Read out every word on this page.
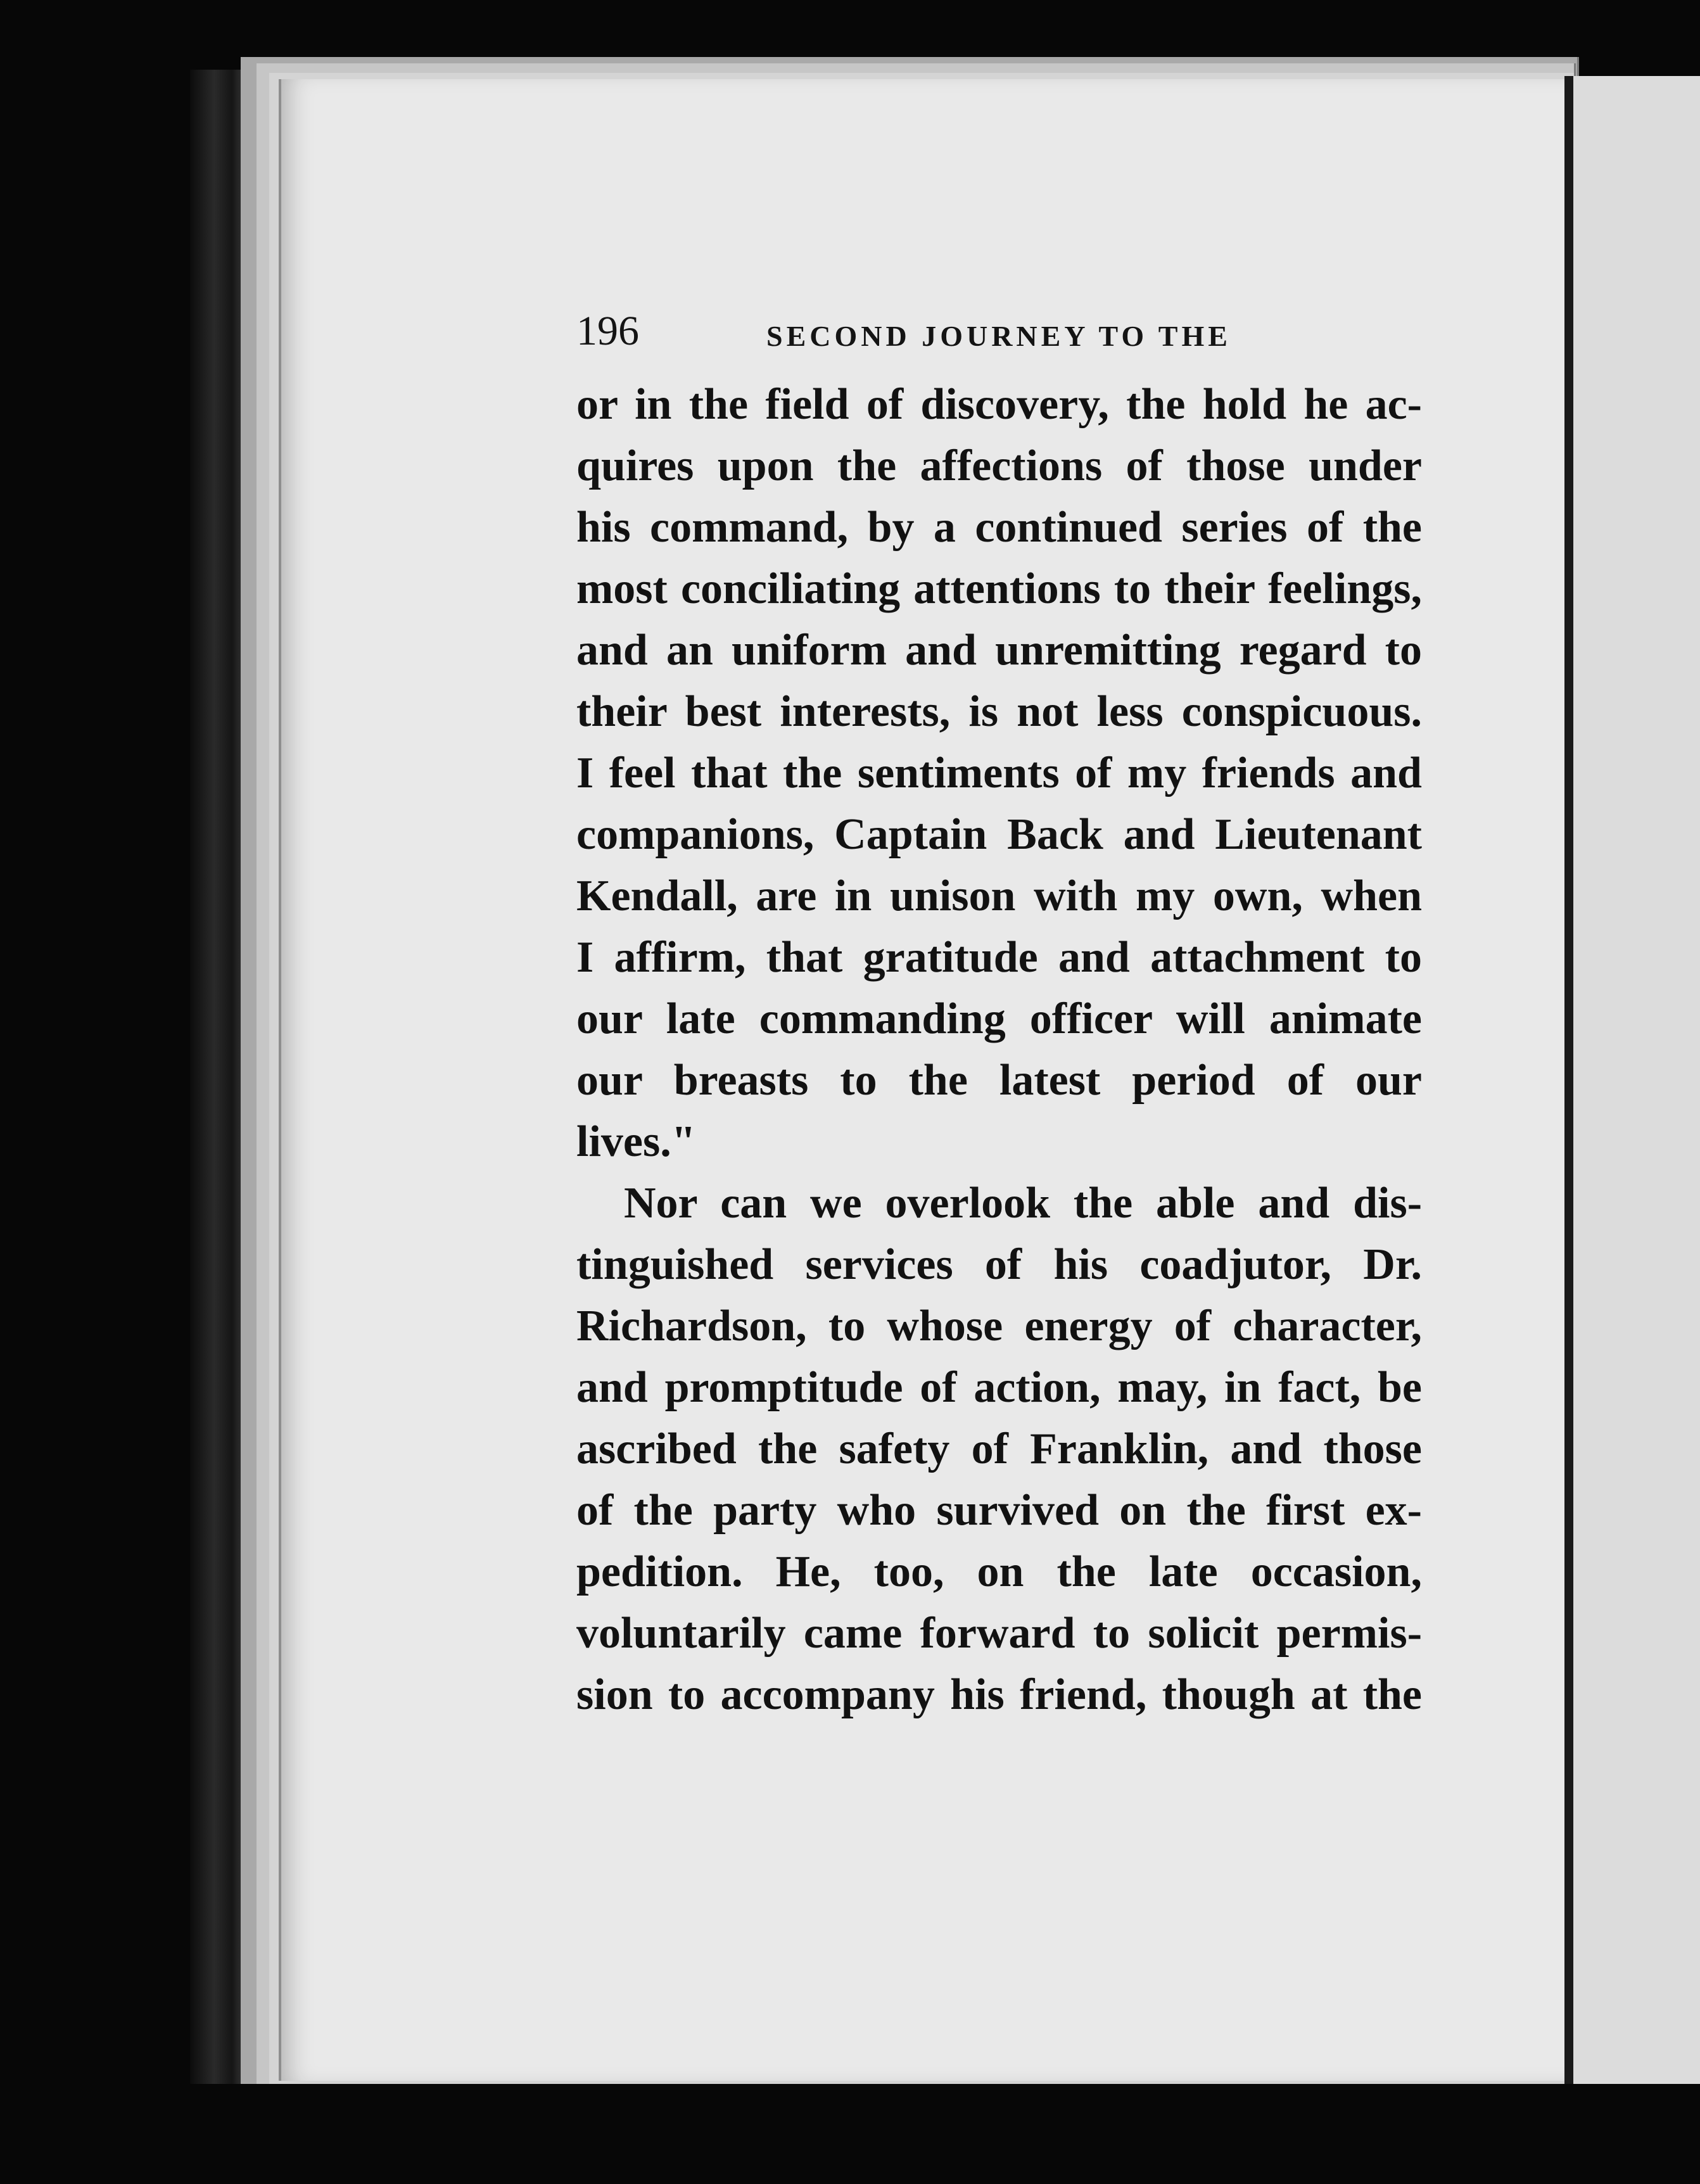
196	SECOND JOURNEY TO THE
or in the field of discovery, the hold he ac-
quires upon the affections of those under
his command, by a continued series of the
most conciliating attentions to their feelings,
and an uniform and unremitting regard to
their best interests, is not less conspicuous.
I feel that the sentiments of my friends and
companions, Captain Back and Lieutenant
Kendall, are in unison with my own, when
I affirm, that gratitude and attachment to
our late commanding officer will animate
our breasts to the latest period of our
lives."
Nor can we overlook the able and dis-
tinguished services of his coadjutor, Dr.
Richardson, to whose energy of character,
and promptitude of action, may, in fact, be
ascribed the safety of Franklin, and those
of the party who survived on the first ex-
pedition. He, too, on the late occasion,
voluntarily came forward to solicit permis-
sion to accompany his friend, though at the
